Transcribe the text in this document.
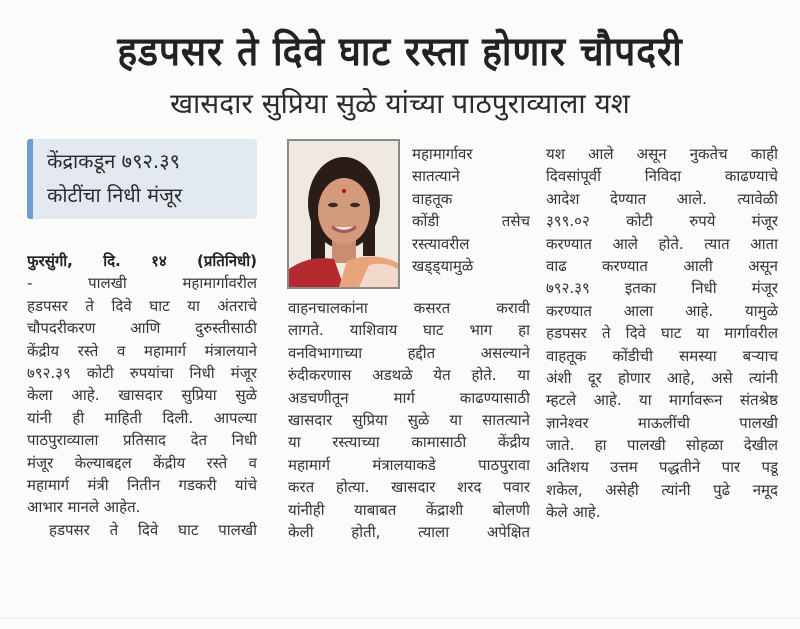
हडपसर ते दिवे घाट रस्ता होणार चौपदरी
खासदार सुप्रिया सुळे यांच्या पाठपुराव्याला यश
केंद्राकडून ७९२.३९
कोटींचा निधी मंजूर
फुरसुंगी, दि. १४ (प्रतिनिधी)
- पालखी महामार्गावरील
हडपसर ते दिवे घाट या अंतराचे
चौपदरीकरण आणि दुरुस्तीसाठी
केंद्रीय रस्ते व महामार्ग मंत्रालयाने
७९२.३९ कोटी रुपयांचा निधी मंजूर
केला आहे. खासदार सुप्रिया सुळे
यांनी ही माहिती दिली. आपल्या
पाठपुराव्याला प्रतिसाद देत निधी
मंजूर केल्याबद्दल केंद्रीय रस्ते व
महामार्ग मंत्री नितीन गडकरी यांचे
आभार मानले आहेत.
हडपसर ते दिवे घाट पालखी
महामार्गावर
सातत्याने
वाहतूक
कोंडी तसेच
रस्त्यावरील
खड्ड्यामुळे
वाहनचालकांना कसरत करावी
लागते. याशिवाय घाट भाग हा
वनविभागाच्या हद्दीत असल्याने
रुंदीकरणास अडथळे येत होते. या
अडचणीतून मार्ग काढण्यासाठी
खासदार सुप्रिया सुळे या सातत्याने
या रस्त्याच्या कामासाठी केंद्रीय
महामार्ग मंत्रालयाकडे पाठपुरावा
करत होत्या. खासदार शरद पवार
यांनीही याबाबत केंद्राशी बोलणी
केली होती, त्याला अपेक्षित
यश आले असून नुकतेच काही
दिवसांपूर्वी निविदा काढण्याचे
आदेश देण्यात आले. त्यावेळी
३९९.०२ कोटी रुपये मंजूर
करण्यात आले होते. त्यात आता
वाढ करण्यात आली असून
७९२.३९ इतका निधी मंजूर
करण्यात आला आहे. यामुळे
हडपसर ते दिवे घाट या मार्गावरील
वाहतूक कोंडीची समस्या बऱ्याच
अंशी दूर होणार आहे, असे त्यांनी
म्हटले आहे. या मार्गावरून संतश्रेष्ठ
ज्ञानेश्वर माऊलींची पालखी
जाते. हा पालखी सोहळा देखील
अतिशय उत्तम पद्धतीने पार पडू
शकेल, असेही त्यांनी पुढे नमूद
केले आहे.
